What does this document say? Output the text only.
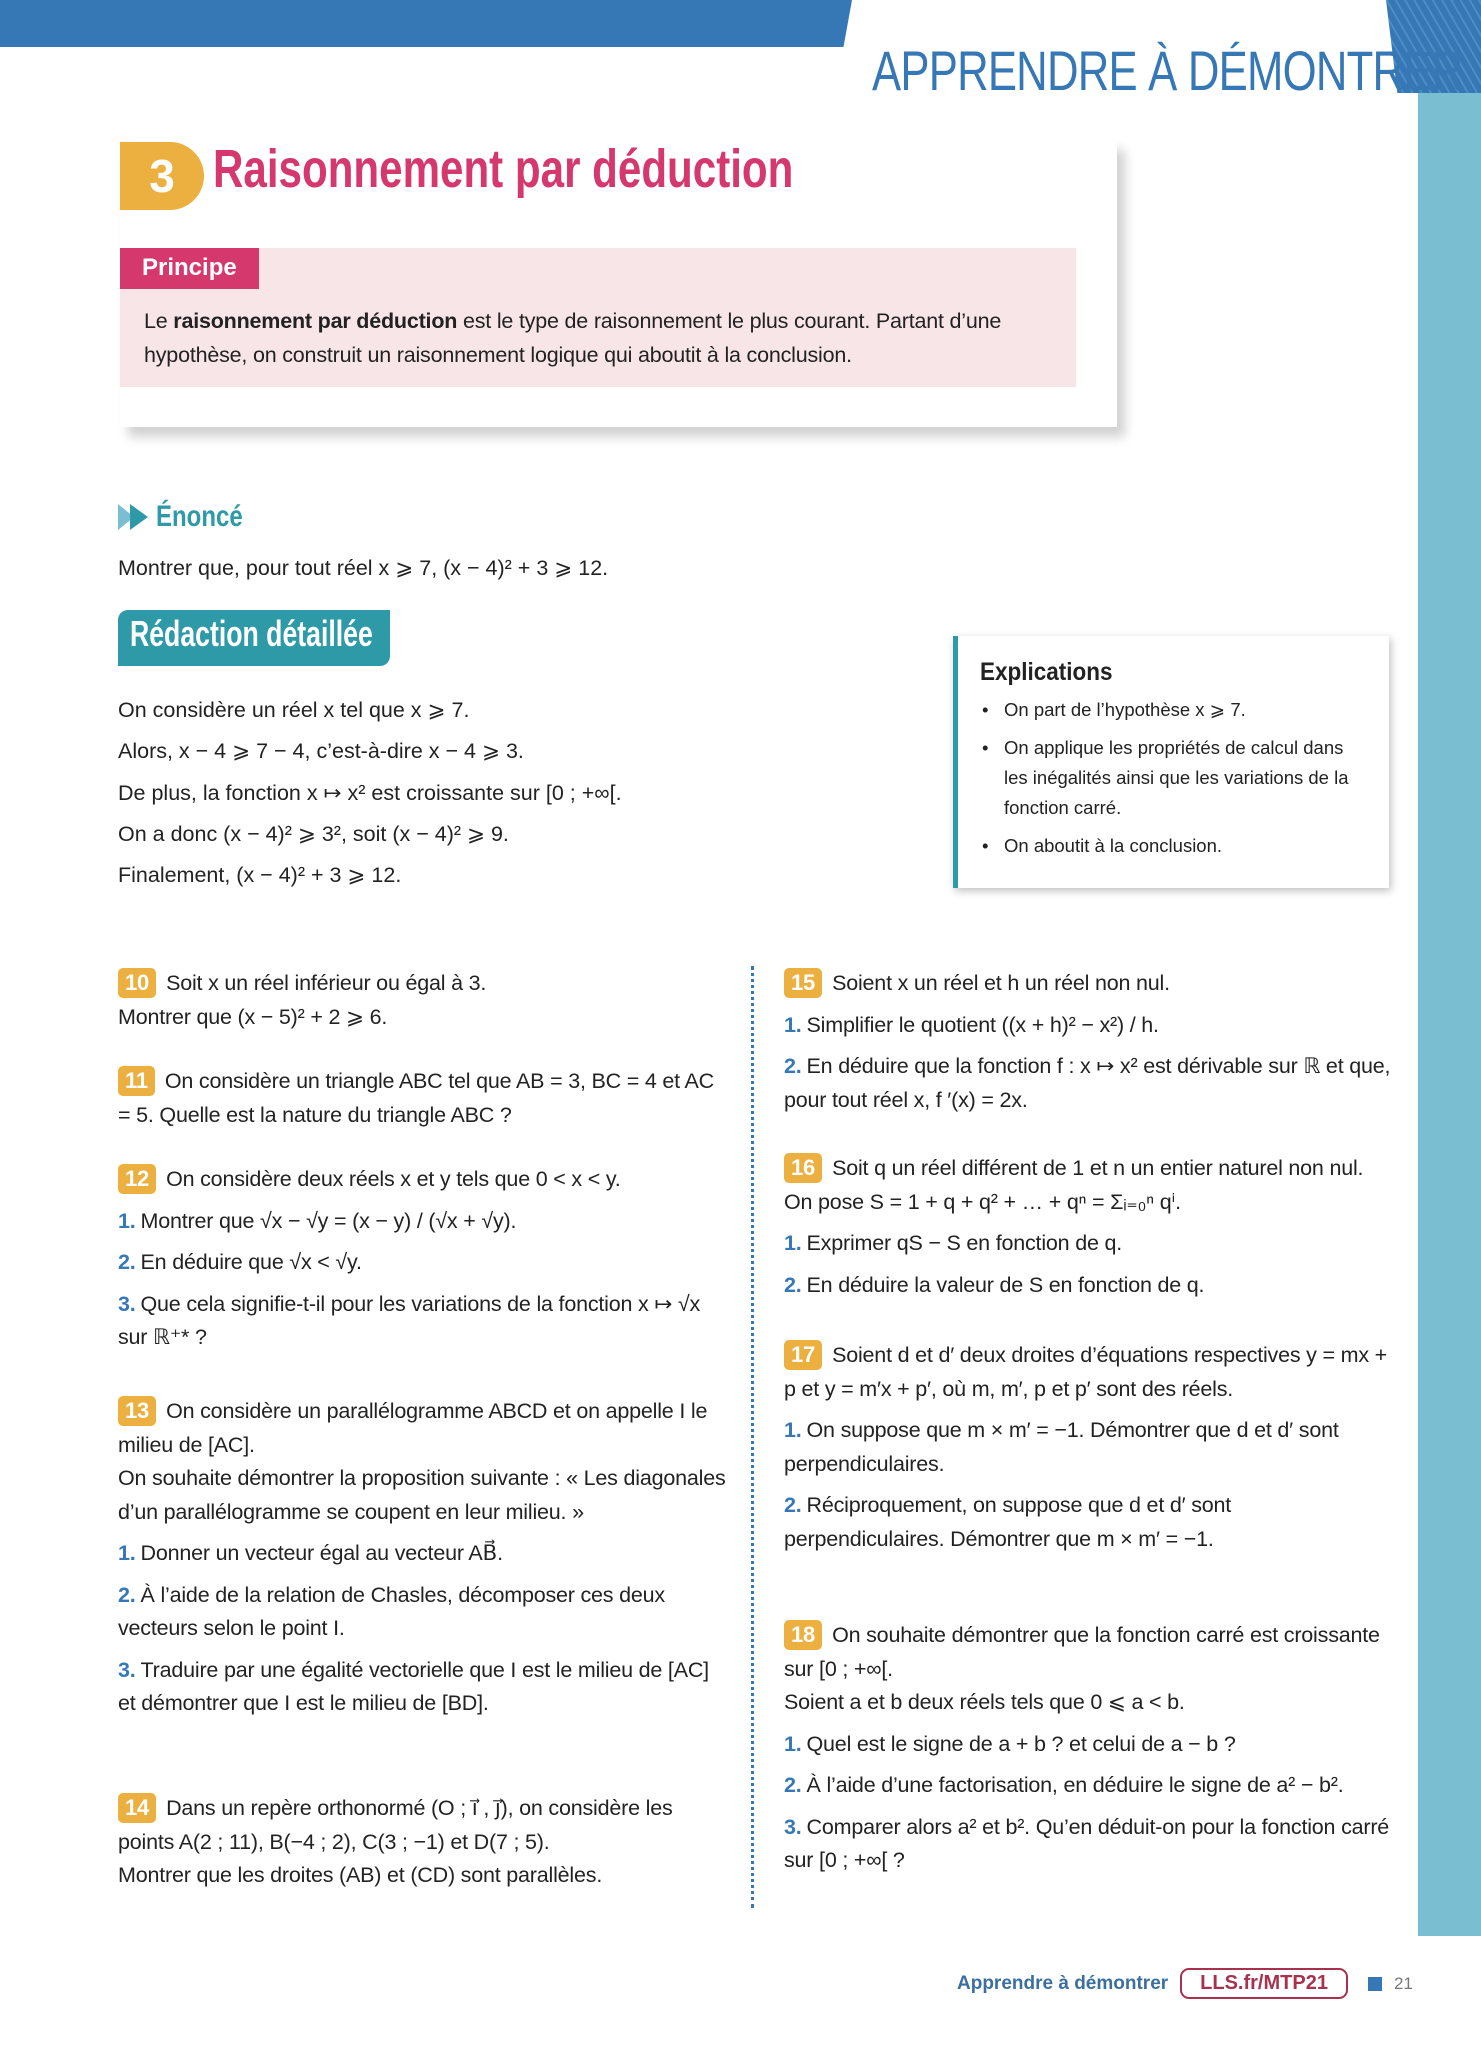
APPRENDRE À DÉMONTRER
3 Raisonnement par déduction
Principe
Le raisonnement par déduction est le type de raisonnement le plus courant. Partant d’une hypothèse, on construit un raisonnement logique qui aboutit à la conclusion.
Énoncé
Montrer que, pour tout réel x ⩾ 7, (x − 4)² + 3 ⩾ 12.
Rédaction détaillée
On considère un réel x tel que x ⩾ 7.
Alors, x − 4 ⩾ 7 − 4, c’est-à-dire x − 4 ⩾ 3.
De plus, la fonction x ↦ x² est croissante sur [0 ; +∞[.
On a donc (x − 4)² ⩾ 3², soit (x − 4)² ⩾ 9.
Finalement, (x − 4)² + 3 ⩾ 12.
Explications
• On part de l’hypothèse x ⩾ 7.
• On applique les propriétés de calcul dans les inégalités ainsi que les variations de la fonction carré.
• On aboutit à la conclusion.
10 Soit x un réel inférieur ou égal à 3.
Montrer que (x − 5)² + 2 ⩾ 6.
11 On considère un triangle ABC tel que AB = 3, BC = 4 et AC = 5. Quelle est la nature du triangle ABC ?
12 On considère deux réels x et y tels que 0 < x < y.
1. Montrer que √x − √y = (x − y) / (√x + √y).
2. En déduire que √x < √y.
3. Que cela signifie-t-il pour les variations de la fonction x ↦ √x sur ℝ⁺* ?
13 On considère un parallélogramme ABCD et on appelle I le milieu de [AC].
On souhaite démontrer la proposition suivante : « Les diagonales d’un parallélogramme se coupent en leur milieu. »
1. Donner un vecteur égal au vecteur AB⃗.
2. À l’aide de la relation de Chasles, décomposer ces deux vecteurs selon le point I.
3. Traduire par une égalité vectorielle que I est le milieu de [AC] et démontrer que I est le milieu de [BD].
14 Dans un repère orthonormé (O ; i⃗ , j⃗), on considère les points A(2 ; 11), B(−4 ; 2), C(3 ; −1) et D(7 ; 5).
Montrer que les droites (AB) et (CD) sont parallèles.
15 Soient x un réel et h un réel non nul.
1. Simplifier le quotient ((x + h)² − x²) / h.
2. En déduire que la fonction f : x ↦ x² est dérivable sur ℝ et que, pour tout réel x, f ′(x) = 2x.
16 Soit q un réel différent de 1 et n un entier naturel non nul. On pose S = 1 + q + q² + … + qⁿ = Σᵢ₌₀ⁿ qⁱ.
1. Exprimer qS − S en fonction de q.
2. En déduire la valeur de S en fonction de q.
17 Soient d et d′ deux droites d’équations respectives y = mx + p et y = m′x + p′, où m, m′, p et p′ sont des réels.
1. On suppose que m × m′ = −1. Démontrer que d et d′ sont perpendiculaires.
2. Réciproquement, on suppose que d et d′ sont perpendiculaires. Démontrer que m × m′ = −1.
18 On souhaite démontrer que la fonction carré est croissante sur [0 ; +∞[.
Soient a et b deux réels tels que 0 ⩽ a < b.
1. Quel est le signe de a + b ? et celui de a − b ?
2. À l’aide d’une factorisation, en déduire le signe de a² − b².
3. Comparer alors a² et b². Qu’en déduit-on pour la fonction carré sur [0 ; +∞[ ?
Apprendre à démontrer	LLS.fr/MTP21	21
